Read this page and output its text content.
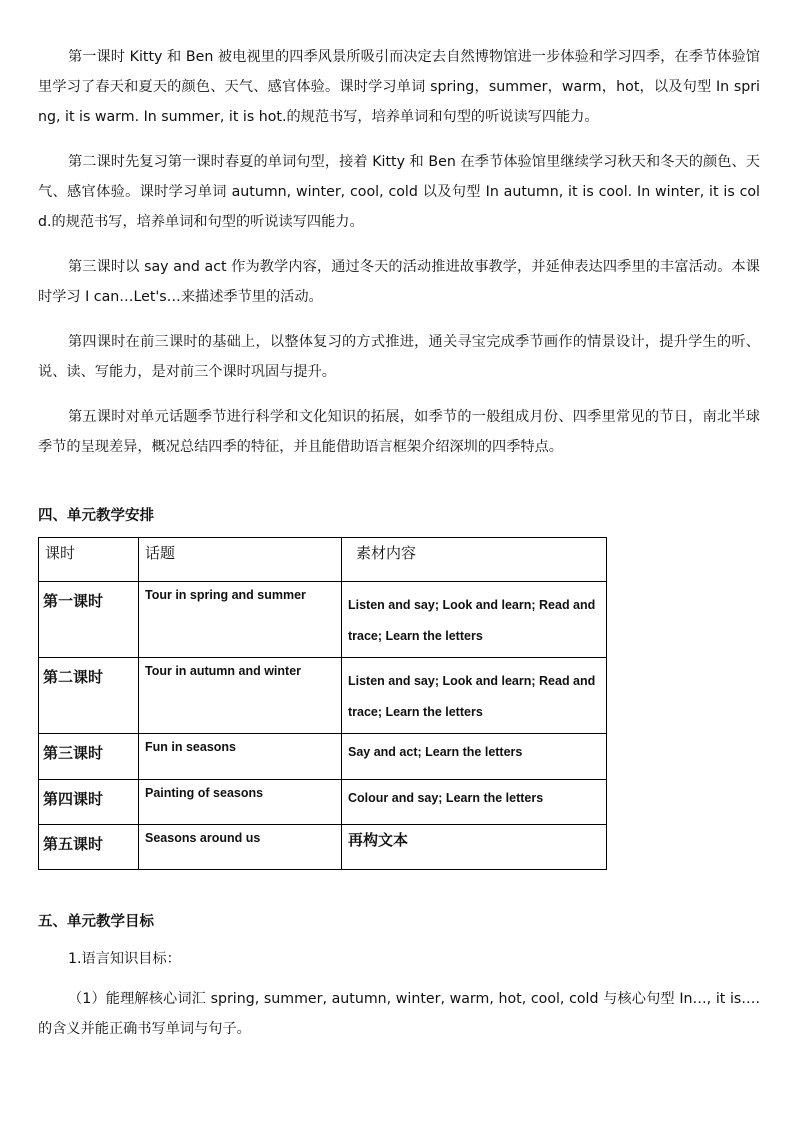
第一课时 Kitty 和 Ben 被电视里的四季风景所吸引而决定去自然博物馆进一步体验和学习四季，在季节体验馆里学习了春天和夏天的颜色、天气、感官体验。课时学习单词 spring，summer，warm，hot，以及句型 In spring, it is warm. In summer, it is hot.的规范书写，培养单词和句型的听说读写四能力。

第二课时先复习第一课时春夏的单词句型，接着 Kitty 和 Ben 在季节体验馆里继续学习秋天和冬天的颜色、天气、感官体验。课时学习单词 autumn, winter, cool, cold 以及句型 In autumn, it is cool. In winter, it is cold.的规范书写，培养单词和句型的听说读写四能力。

第三课时以 say and act 作为教学内容，通过冬天的活动推进故事教学，并延伸表达四季里的丰富活动。本课时学习 I can…Let's…来描述季节里的活动。

第四课时在前三课时的基础上，以整体复习的方式推进，通关寻宝完成季节画作的情景设计，提升学生的听、说、读、写能力，是对前三个课时巩固与提升。

第五课时对单元话题季节进行科学和文化知识的拓展，如季节的一般组成月份、四季里常见的节日，南北半球季节的呈现差异，概况总结四季的特征，并且能借助语言框架介绍深圳的四季特点。

四、单元教学安排
课时	话题	素材内容

第一课时	Tour in spring and summer	Listen and say; Look and learn; Read and trace; Learn the letters

第二课时	Tour in autumn and winter	Listen and say; Look and learn; Read and trace; Learn the letters

第三课时	Fun in seasons	Say and act; Learn the letters

第四课时	Painting of seasons	Colour and say; Learn the letters

第五课时	Seasons around us	再构文本
五、单元教学目标

1.语言知识目标：

（1）能理解核心词汇 spring, summer, autumn, winter, warm, hot, cool, cold 与核心句型 In…, it is…. 的含义并能正确书写单词与句子。
